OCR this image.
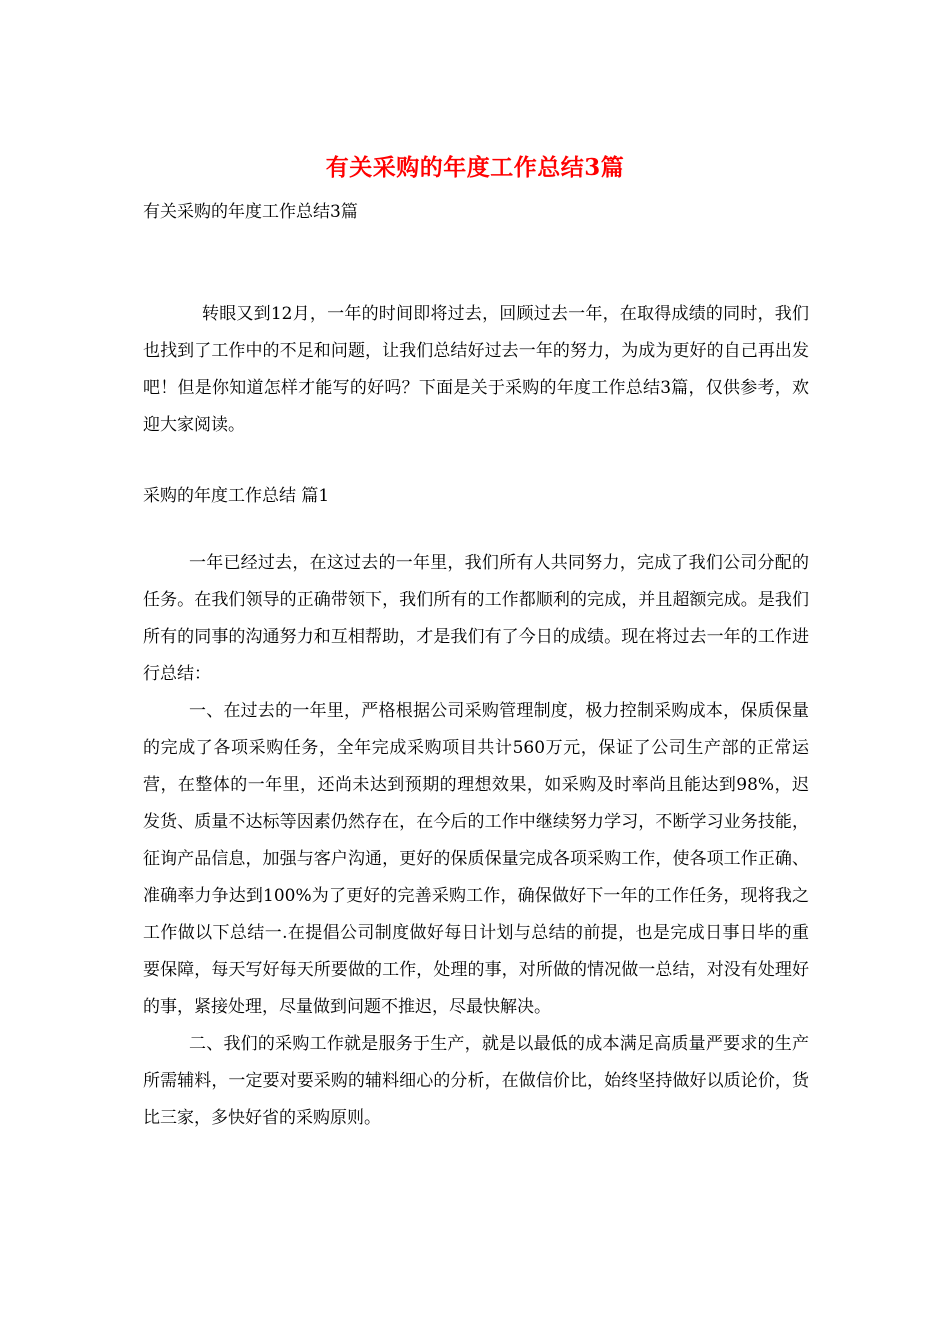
有关采购的年度工作总结3篇
有关采购的年度工作总结3篇
转眼又到12月，一年的时间即将过去，回顾过去一年，在取得成绩的同时，我们也找到了工作中的不足和问题，让我们总结好过去一年的努力，为成为更好的自己再出发吧！但是你知道怎样才能写的好吗？下面是关于采购的年度工作总结3篇，仅供参考，欢迎大家阅读。
采购的年度工作总结 篇1

一年已经过去，在这过去的一年里，我们所有人共同努力，完成了我们公司分配的任务。在我们领导的正确带领下，我们所有的工作都顺利的完成，并且超额完成。是我们所有的同事的沟通努力和互相帮助，才是我们有了今日的成绩。现在将过去一年的工作进行总结：

一、在过去的一年里，严格根据公司采购管理制度，极力控制采购成本，保质保量的完成了各项采购任务，全年完成采购项目共计560万元，保证了公司生产部的正常运营，在整体的一年里，还尚未达到预期的理想效果，如采购及时率尚且能达到98%，迟发货、质量不达标等因素仍然存在，在今后的工作中继续努力学习，不断学习业务技能，征询产品信息，加强与客户沟通，更好的保质保量完成各项采购工作，使各项工作正确、准确率力争达到100%为了更好的完善采购工作，确保做好下一年的工作任务，现将我之工作做以下总结一.在提倡公司制度做好每日计划与总结的前提，也是完成日事日毕的重要保障，每天写好每天所要做的工作，处理的事，对所做的情况做一总结，对没有处理好的事，紧接处理，尽量做到问题不推迟，尽最快解决。

二、我们的采购工作就是服务于生产，就是以最低的成本满足高质量严要求的生产所需辅料，一定要对要采购的辅料细心的分析，在做信价比，始终坚持做好以质论价，货比三家，多快好省的采购原则。
